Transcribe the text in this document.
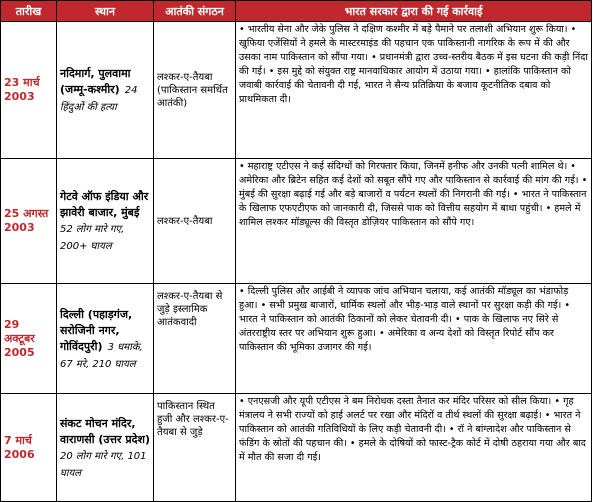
तारीख	स्थान	आतंकी संगठन	भारत सरकार द्वारा की गई कार्रवाई
23 मार्च 2003	नदिमार्ग, पुलवामा (जम्मू-कश्मीर) 24 हिंदुओं की हत्या	लश्कर-ए-तैयबा (पाकिस्तान समर्थित आतंकी)	• भारतीय सेना और जेके पुलिस ने दक्षिण कश्मीर में बड़े पैमाने पर तलाशी अभियान शुरू किया। • खुफिया एजेंसियों ने हमले के मास्टरमाइंड की पहचान एक पाकिस्तानी नागरिक के रूप में की और उसका नाम पाकिस्तान को सौंपा गया। • प्रधानमंत्री द्वारा उच्च-स्तरीय बैठक में इस घटना की कड़ी निंदा की गई। • इस मुद्दे को संयुक्त राष्ट्र मानवाधिकार आयोग में उठाया गया। • हालांकि पाकिस्तान को जवाबी कार्रवाई की चेतावनी दी गई, भारत ने सैन्य प्रतिक्रिया के बजाय कूटनीतिक दबाव को प्राथमिकता दी।
25 अगस्त 2003	गेटवे ऑफ इंडिया और झावेरी बाजार, मुंबई 52 लोग मारे गए, 200+ घायल	लश्कर-ए-तैयबा	• महाराष्ट्र एटीएस ने कई संदिग्धों को गिरफ्तार किया, जिनमें हनीफ और उनकी पत्नी शामिल थे। • अमेरिका और ब्रिटेन सहित कई देशों को सबूत सौंपे गए और पाकिस्तान से कार्रवाई की मांग की गई। • मुंबई की सुरक्षा बढ़ाई गई और बड़े बाजारों व पर्यटन स्थलों की निगरानी की गई। • भारत ने पाकिस्तान के खिलाफ एफएटीएफ को जानकारी दी, जिससे पाक को वित्तीय सहयोग में बाधा पहुंची। • हमले में शामिल लश्कर मॉड्यूल्स की विस्तृत डोज़ियर पाकिस्तान को सौंपे गए।
29 अक्टूबर 2005	दिल्ली (पहाड़गंज, सरोजिनी नगर, गोविंदपुरी) 3 धमाके, 67 मरे, 210 घायल	लश्कर-ए-तैयबा से जुड़े इस्लामिक आतंकवादी	• दिल्ली पुलिस और आईबी ने व्यापक जांच अभियान चलाया, कई आतंकी मॉड्यूल का भंडाफोड़ हुआ। • सभी प्रमुख बाजारों, धार्मिक स्थलों और भीड़-भाड़ वाले स्थानों पर सुरक्षा कड़ी की गई। • भारत ने पाकिस्तान को आतंकी ठिकानों को लेकर चेतावनी दी। • पाक के खिलाफ नए सिरे से अंतरराष्ट्रीय स्तर पर अभियान शुरू हुआ। • अमेरिका व अन्य देशों को विस्तृत रिपोर्ट सौंप कर पाकिस्तान की भूमिका उजागर की गई।
7 मार्च 2006	संकट मोचन मंदिर, वाराणसी (उत्तर प्रदेश) 20 लोग मारे गए, 101 घायल	पाकिस्तान स्थित हुजी और लश्कर-ए-तैयबा से जुड़े	• एनएसजी और यूपी एटीएस ने बम निरोधक दस्ता तैनात कर मंदिर परिसर को सील किया। • गृह मंत्रालय ने सभी राज्यों को हाई अलर्ट पर रखा और मंदिरों व तीर्थ स्थलों की सुरक्षा बढ़ाई। • भारत ने पाकिस्तान को आतंकी गतिविधियों के लिए कड़ी चेतावनी दी। • रॉ ने बांग्लादेश और पाकिस्तान से फंडिंग के स्रोतों की पहचान की। • हमले के दोषियों को फास्ट-ट्रैक कोर्ट में दोषी ठहराया गया और बाद में मौत की सजा दी गई।
